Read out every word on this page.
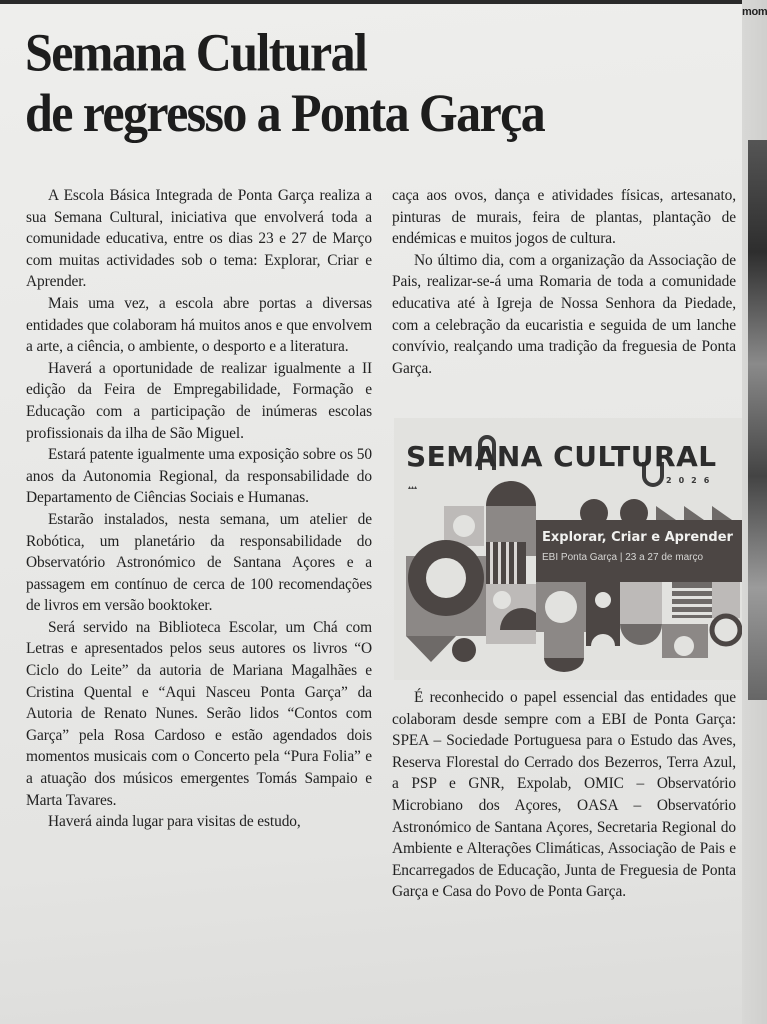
Semana Cultural
de regresso a Ponta Garça

A Escola Básica Integrada de Ponta Garça realiza a sua Semana Cultural, iniciativa que envolverá toda a comunidade educativa, entre os dias 23 e 27 de Março com muitas actividades sob o tema: Explorar, Criar e Aprender.

Mais uma vez, a escola abre portas a diversas entidades que colaboram há muitos anos e que envolvem a arte, a ciência, o ambiente, o desporto e a literatura.

Haverá a oportunidade de realizar igualmente a II edição da Feira de Empregabilidade, Formação e Educação com a participação de inúmeras escolas profissionais da ilha de São Miguel.

Estará patente igualmente uma exposição sobre os 50 anos da Autonomia Regional, da responsabilidade do Departamento de Ciências Sociais e Humanas.

Estarão instalados, nesta semana, um atelier de Robótica, um planetário da responsabilidade do Observatório Astronómico de Santana Açores e a passagem em contínuo de cerca de 100 recomendações de livros em versão booktoker.

Será servido na Biblioteca Escolar, um Chá com Letras e apresentados pelos seus autores os livros “O Ciclo do Leite” da autoria de Mariana Magalhães e Cristina Quental e “Aqui Nasceu Ponta Garça” da Autoria de Renato Nunes. Serão lidos “Contos com Garça” pela Rosa Cardoso e estão agendados dois momentos musicais com o Concerto pela “Pura Folia” e a atuação dos músicos emergentes Tomás Sampaio e Marta Tavares.

Haverá ainda lugar para visitas de estudo,

caça aos ovos, dança e atividades físicas, artesanato, pinturas de murais, feira de plantas, plantação de endémicas e muitos jogos de cultura.

No último dia, com a organização da Associação de Pais, realizar-se-á uma Romaria de toda a comunidade educativa até à Igreja de Nossa Senhora da Piedade, com a celebração da eucaristia e seguida de um lanche convívio, realçando uma tradição da freguesia de Ponta Garça.

SEMANA CULTURAL
2026
▴▴▴
Explorar, Criar e Aprender
EBI Ponta Garça | 23 a 27 de março

É reconhecido o papel essencial das entidades que colaboram desde sempre com a EBI de Ponta Garça: SPEA – Sociedade Portuguesa para o Estudo das Aves, Reserva Florestal do Cerrado dos Bezerros, Terra Azul, a PSP e GNR, Expolab, OMIC – Observatório Microbiano dos Açores, OASA – Observatório Astronómico de Santana Açores, Secretaria Regional do Ambiente e Alterações Climáticas, Associação de Pais e Encarregados de Educação, Junta de Freguesia de Ponta Garça e Casa do Povo de Ponta Garça.

mom
